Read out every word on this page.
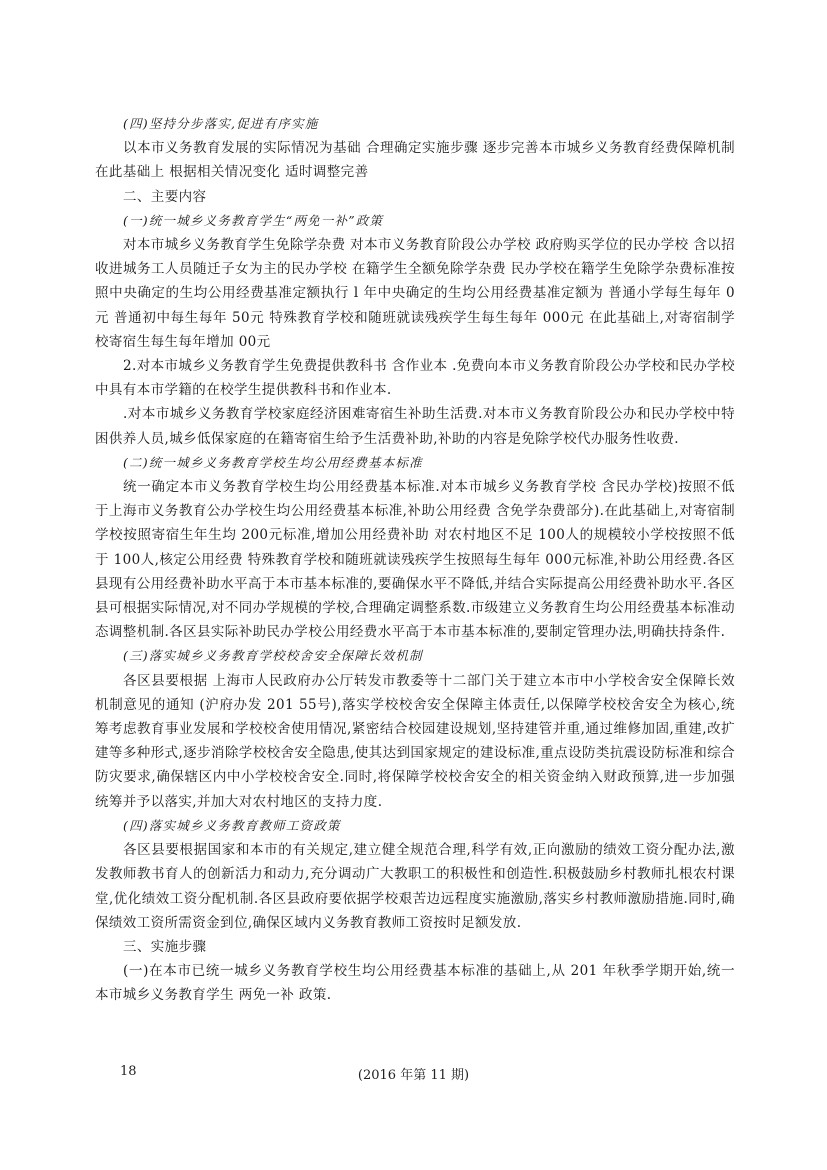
(四)坚持分步落实,促进有序实施

以本市义务教育发展的实际情况为基础 合理确定实施步骤 逐步完善本市城乡义务教育经费保障机制 在此基础上 根据相关情况变化 适时调整完善

二、主要内容

(一)统一城乡义务教育学生“两免一补”政策

对本市城乡义务教育学生免除学杂费 对本市义务教育阶段公办学校 政府购买学位的民办学校 含以招收进城务工人员随迁子女为主的民办学校 在籍学生全额免除学杂费 民办学校在籍学生免除学杂费标准按照中央确定的生均公用经费基准定额执行 l 年中央确定的生均公用经费基准定额为 普通小学每生每年 0元 普通初中每生每年 50元 特殊教育学校和随班就读残疾学生每生每年 000元 在此基础上,对寄宿制学校寄宿生每生每年增加 00元

2.对本市城乡义务教育学生免费提供教科书 含作业本 .免费向本市义务教育阶段公办学校和民办学校中具有本市学籍的在校学生提供教科书和作业本.

.对本市城乡义务教育学校家庭经济困难寄宿生补助生活费.对本市义务教育阶段公办和民办学校中特困供养人员,城乡低保家庭的在籍寄宿生给予生活费补助,补助的内容是免除学校代办服务性收费.

(二)统一城乡义务教育学校生均公用经费基本标准

统一确定本市义务教育学校生均公用经费基本标准.对本市城乡义务教育学校 含民办学校)按照不低于上海市义务教育公办学校生均公用经费基本标准,补助公用经费 含免学杂费部分).在此基础上,对寄宿制学校按照寄宿生年生均 200元标准,增加公用经费补助 对农村地区不足 100人的规模较小学校按照不低于 100人,核定公用经费 特殊教育学校和随班就读残疾学生按照每生每年 000元标准,补助公用经费.各区县现有公用经费补助水平高于本市基本标准的,要确保水平不降低,并结合实际提高公用经费补助水平.各区县可根据实际情况,对不同办学规模的学校,合理确定调整系数.市级建立义务教育生均公用经费基本标准动态调整机制.各区县实际补助民办学校公用经费水平高于本市基本标准的,要制定管理办法,明确扶持条件.

(三)落实城乡义务教育学校校舍安全保障长效机制

各区县要根据 上海市人民政府办公厅转发市教委等十二部门关于建立本市中小学校舍安全保障长效机制意见的通知 (沪府办发 201 55号),落实学校校舍安全保障主体责任,以保障学校校舍安全为核心,统筹考虑教育事业发展和学校校舍使用情况,紧密结合校园建设规划,坚持建管并重,通过维修加固,重建,改扩建等多种形式,逐步消除学校校舍安全隐患,使其达到国家规定的建设标准,重点设防类抗震设防标准和综合防灾要求,确保辖区内中小学校校舍安全.同时,将保障学校校舍安全的相关资金纳入财政预算,进一步加强统筹并予以落实,并加大对农村地区的支持力度.

(四)落实城乡义务教育教师工资政策

各区县要根据国家和本市的有关规定,建立健全规范合理,科学有效,正向激励的绩效工资分配办法,激发教师教书育人的创新活力和动力,充分调动广大教职工的积极性和创造性.积极鼓励乡村教师扎根农村课堂,优化绩效工资分配机制.各区县政府要依据学校艰苦边远程度实施激励,落实乡村教师激励措施.同时,确保绩效工资所需资金到位,确保区域内义务教育教师工资按时足额发放.

三、实施步骤

(一)在本市已统一城乡义务教育学校生均公用经费基本标准的基础上,从 201 年秋季学期开始,统一本市城乡义务教育学生 两免一补 政策.

18	(2016 年第 11 期)
